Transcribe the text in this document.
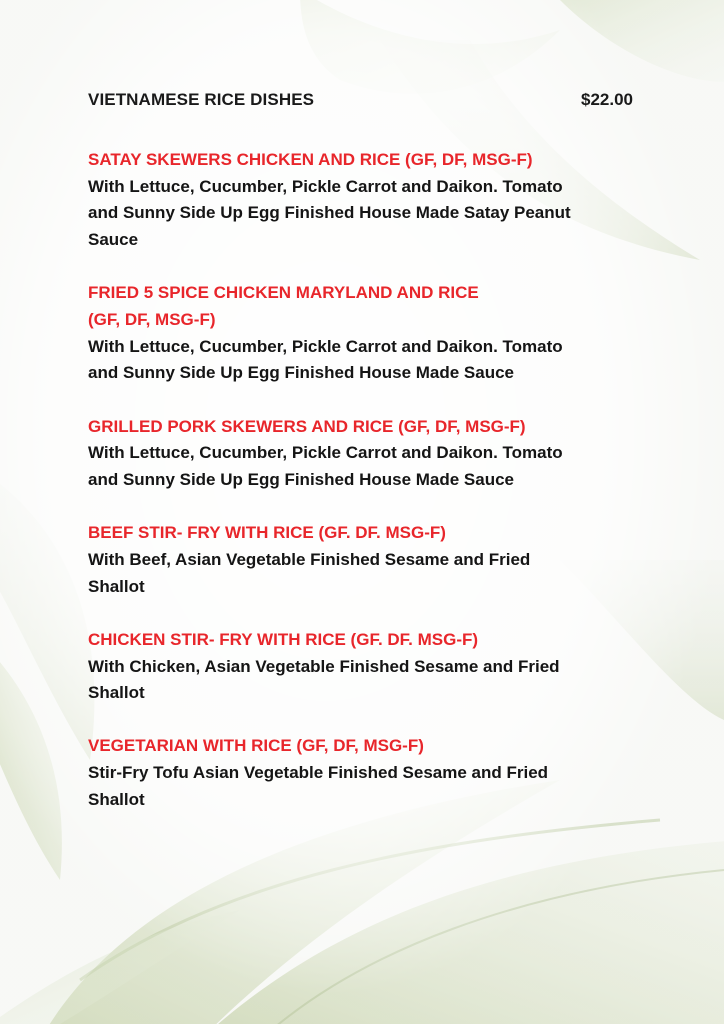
VIETNAMESE RICE DISHES	$22.00
SATAY SKEWERS CHICKEN AND RICE (GF, DF, MSG-F)
With Lettuce, Cucumber, Pickle Carrot and Daikon. Tomato
and Sunny Side Up Egg Finished House Made Satay Peanut
Sauce
FRIED 5 SPICE CHICKEN MARYLAND AND RICE
(GF, DF, MSG-F)
With Lettuce, Cucumber, Pickle Carrot and Daikon. Tomato
and Sunny Side Up Egg Finished House Made Sauce
GRILLED PORK SKEWERS AND RICE (GF, DF, MSG-F)
With Lettuce, Cucumber, Pickle Carrot and Daikon. Tomato
and Sunny Side Up Egg Finished House Made Sauce
BEEF STIR- FRY WITH RICE (GF. DF. MSG-F)
With Beef, Asian Vegetable Finished Sesame and Fried
Shallot
CHICKEN STIR- FRY WITH RICE (GF. DF. MSG-F)
With Chicken, Asian Vegetable Finished Sesame and Fried
Shallot
VEGETARIAN WITH RICE (GF, DF, MSG-F)
Stir-Fry Tofu Asian Vegetable Finished Sesame and Fried
Shallot
